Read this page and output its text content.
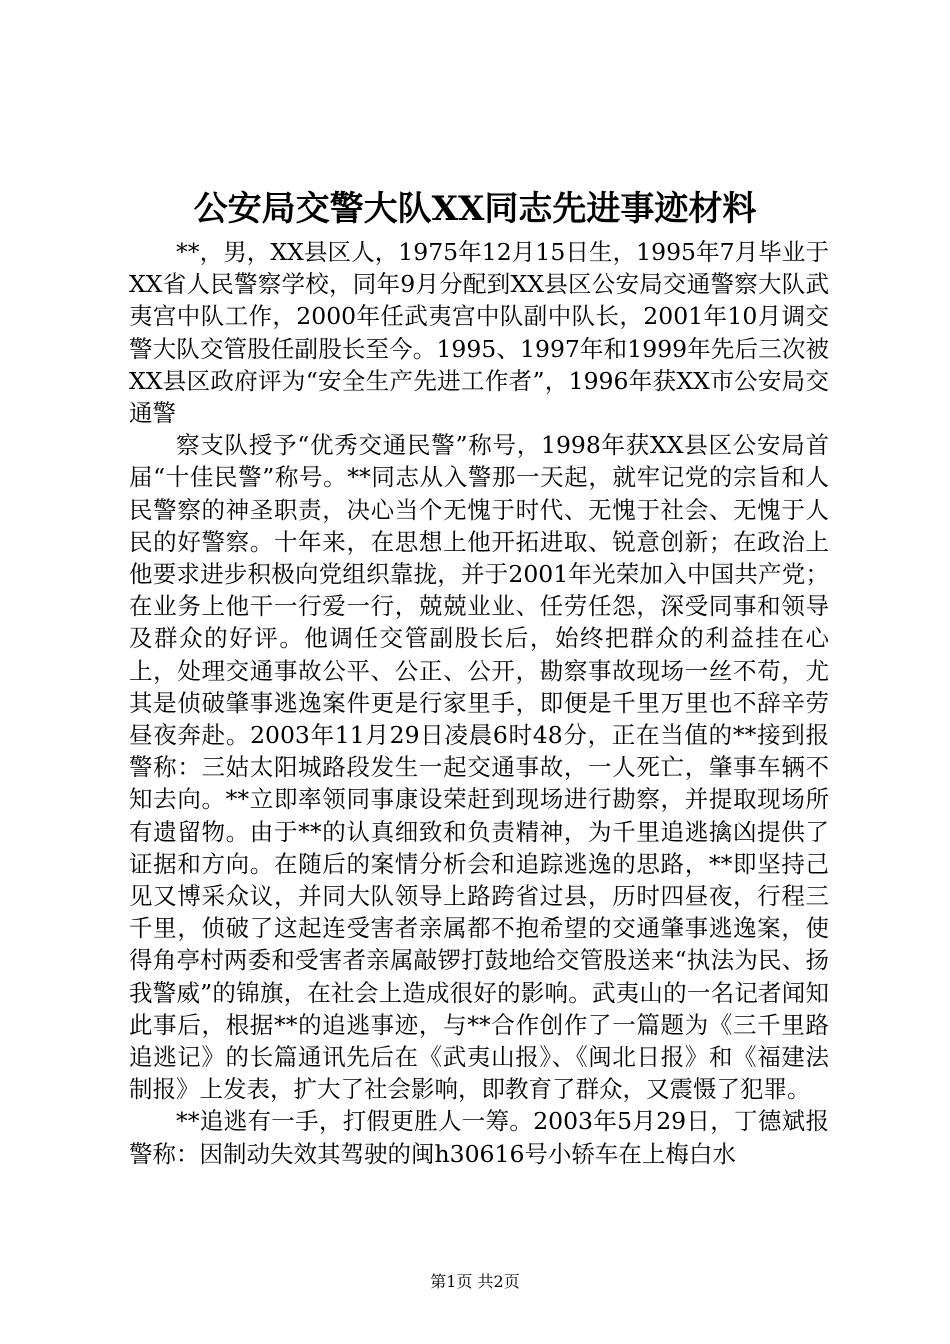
公安局交警大队XX同志先进事迹材料

**，男，XX县区人，1975年12月15日生，1995年7月毕业于XX省人民警察学校，同年9月分配到XX县区公安局交通警察大队武夷宫中队工作，2000年任武夷宫中队副中队长，2001年10月调交警大队交管股任副股长至今。1995、1997年和1999年先后三次被XX县区政府评为“安全生产先进工作者”，1996年获XX市公安局交通警

察支队授予“优秀交通民警”称号，1998年获XX县区公安局首届“十佳民警”称号。**同志从入警那一天起，就牢记党的宗旨和人民警察的神圣职责，决心当个无愧于时代、无愧于社会、无愧于人民的好警察。十年来，在思想上他开拓进取、锐意创新；在政治上他要求进步积极向党组织靠拢，并于2001年光荣加入中国共产党；在业务上他干一行爱一行，兢兢业业、任劳任怨，深受同事和领导及群众的好评。他调任交管副股长后，始终把群众的利益挂在心上，处理交通事故公平、公正、公开，勘察事故现场一丝不苟，尤其是侦破肇事逃逸案件更是行家里手，即便是千里万里也不辞辛劳昼夜奔赴。2003年11月29日凌晨6时48分，正在当值的**接到报警称：三姑太阳城路段发生一起交通事故，一人死亡，肇事车辆不知去向。**立即率领同事康设荣赶到现场进行勘察，并提取现场所有遗留物。由于**的认真细致和负责精神，为千里追逃擒凶提供了证据和方向。在随后的案情分析会和追踪逃逸的思路，**即坚持己见又博采众议，并同大队领导上路跨省过县，历时四昼夜，行程三千里，侦破了这起连受害者亲属都不抱希望的交通肇事逃逸案，使得角亭村两委和受害者亲属敲锣打鼓地给交管股送来“执法为民、扬我警威”的锦旗，在社会上造成很好的影响。武夷山的一名记者闻知此事后，根据**的追逃事迹，与**合作创作了一篇题为《三千里路追逃记》的长篇通讯先后在《武夷山报》、《闽北日报》和《福建法制报》上发表，扩大了社会影响，即教育了群众，又震慑了犯罪。

**追逃有一手，打假更胜人一筹。2003年5月29日，丁德斌报警称：因制动失效其驾驶的闽h30616号小轿车在上梅白水

第1页 共2页
